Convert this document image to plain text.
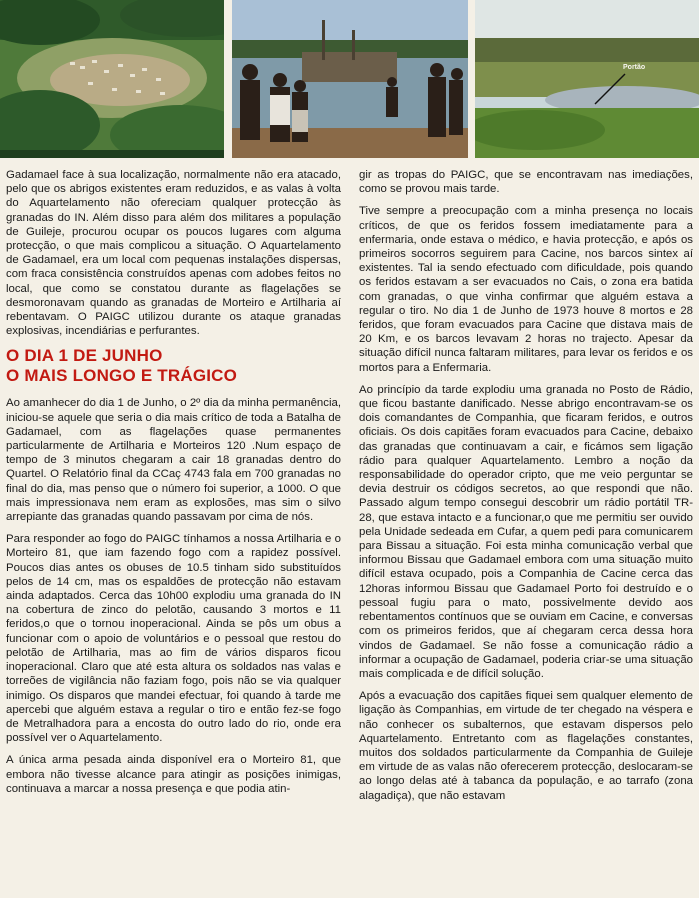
Portão

Gadamael face à sua localização, normalmente não era atacado, pelo que os abrigos existentes eram reduzidos, e as valas à volta do Aquartelamento não ofereciam qualquer protecção às granadas do IN. Além disso para além dos militares a população de Guileje, procurou ocupar os poucos lugares com alguma protecção, o que mais complicou a situação. O Aquartelamento de Gadamael, era um local com pequenas instalações dispersas, com fraca consistência construídos apenas com adobes feitos no local, que como se constatou durante as flagelações se desmoronavam quando as granadas de Morteiro e Artilharia aí rebentavam. O PAIGC utilizou durante os ataque granadas explosivas, incendiárias e perfurantes.

O DIA 1 DE JUNHO
O MAIS LONGO E TRÁGICO

Ao amanhecer do dia 1 de Junho, o 2º dia da minha permanência, iniciou-se aquele que seria o dia mais crítico de toda a Batalha de Gadamael, com as flagelações quase permanentes particularmente de Artilharia e Morteiros 120 .Num espaço de tempo de 3 minutos chegaram a cair 18 granadas dentro do Quartel. O Relatório final da CCaç 4743 fala em 700 granadas no final do dia, mas penso que o número foi superior, a 1000. O que mais impressionava nem eram as explosões, mas sim o silvo arrepiante das granadas quando passavam por cima de nós.

Para responder ao fogo do PAIGC tínhamos a nossa Artilharia e o Morteiro 81, que iam fazendo fogo com a rapidez possível. Poucos dias antes os obuses de 10.5 tinham sido substituídos pelos de 14 cm, mas os espaldões de protecção não estavam ainda adaptados. Cerca das 10h00 explodiu uma granada do IN na cobertura de zinco do pelotão, causando 3 mortos e 11 feridos,o que o tornou inoperacional. Ainda se pôs um obus a funcionar com o apoio de voluntários e o pessoal que restou do pelotão de Artilharia, mas ao fim de vários disparos ficou inoperacional. Claro que até esta altura os soldados nas valas e torreões de vigilância não faziam fogo, pois não se via qualquer inimigo. Os disparos que mandei efectuar, foi quando à tarde me apercebi que alguém estava a regular o tiro e então fez-se fogo de Metralhadora para a encosta do outro lado do rio, onde era possível ver o Aquartelamento.

A única arma pesada ainda disponível era o Morteiro 81, que embora não tivesse alcance para atingir as posições inimigas, continuava a marcar a nossa presença e que podia atin-

gir as tropas do PAIGC, que se encontravam nas imediações, como se provou mais tarde.

Tive sempre a preocupação com a minha presença no locais críticos, de que os feridos fossem imediatamente para a enfermaria, onde estava o médico, e havia protecção, e após os primeiros socorros seguirem para Cacine, nos barcos sintex aí existentes. Tal ia sendo efectuado com dificuldade, pois quando os feridos estavam a ser evacuados no Cais, o zona era batida com granadas, o que vinha confirmar que alguém estava a regular o tiro. No dia 1 de Junho de 1973 houve 8 mortos e 28 feridos, que foram evacuados para Cacine que distava mais de 20 Km, e os barcos levavam 2 horas no trajecto. Apesar da situação difícil nunca faltaram militares, para levar os feridos e os mortos para a Enfermaria.

Ao princípio da tarde explodiu uma granada no Posto de Rádio, que ficou bastante danificado. Nesse abrigo encontravam-se os dois comandantes de Companhia, que ficaram feridos, e outros oficiais. Os dois capitães foram evacuados para Cacine, debaixo das granadas que continuavam a cair, e ficámos sem ligação rádio para qualquer Aquartelamento. Lembro a noção da responsabilidade do operador cripto, que me veio perguntar se devia destruir os códigos secretos, ao que respondi que não. Passado algum tempo consegui descobrir um rádio portátil TR-28, que estava intacto e a funcionar,o que me permitiu ser ouvido pela Unidade sedeada em Cufar, a quem pedi para comunicarem para Bissau a situação. Foi esta minha comunicação verbal que informou Bissau que Gadamael embora com uma situação muito difícil estava ocupado, pois a Companhia de Cacine cerca das 12horas informou Bissau que Gadamael Porto foi destruído e o pessoal fugiu para o mato, possivelmente devido aos rebentamentos contínuos que se ouviam em Cacine, e conversas com os primeiros feridos, que aí chegaram cerca dessa hora vindos de Gadamael. Se não fosse a comunicação rádio a informar a ocupação de Gadamael, poderia criar-se uma situação mais complicada e de difícil solução.

Após a evacuação dos capitães fiquei sem qualquer elemento de ligação às Companhias, em virtude de ter chegado na véspera e não conhecer os subalternos, que estavam dispersos pelo Aquartelamento. Entretanto com as flagelações constantes, muitos dos soldados particularmente da Companhia de Guileje em virtude de as valas não oferecerem protecção, deslocaram-se ao longo delas até à tabanca da população, e ao tarrafo (zona alagadiça), que não estavam
